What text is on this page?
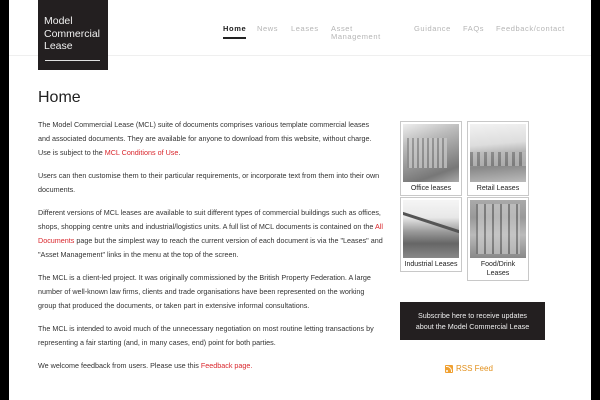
Model
Commercial
Lease
Home News Leases Asset
Management
Guidance FAQs Feedback/contact
Home

The Model Commercial Lease (MCL) suite of documents comprises various template commercial leases and associated documents. They are available for anyone to download from this website, without charge. Use is subject to the MCL Conditions of Use.

Users can then customise them to their particular requirements, or incorporate text from them into their own documents.

Different versions of MCL leases are available to suit different types of commercial buildings such as offices, shops, shopping centre units and industrial/logistics units. A full list of MCL documents is contained on the All Documents page but the simplest way to reach the current version of each document is via the "Leases" and "Asset Management" links in the menu at the top of the screen.

The MCL is a client-led project. It was originally commissioned by the British Property Federation. A large number of well-known law firms, clients and trade organisations have been represented on the working group that produced the documents, or taken part in extensive informal consultations.

The MCL is intended to avoid much of the unnecessary negotiation on most routine letting transactions by representing a fair starting (and, in many cases, end) point for both parties.

We welcome feedback from users. Please use this Feedback page.

Office leases	Retail Leases
Industrial Leases	Food/Drink Leases
Subscribe here to receive updates
about the Model Commercial Lease
RSS Feed
